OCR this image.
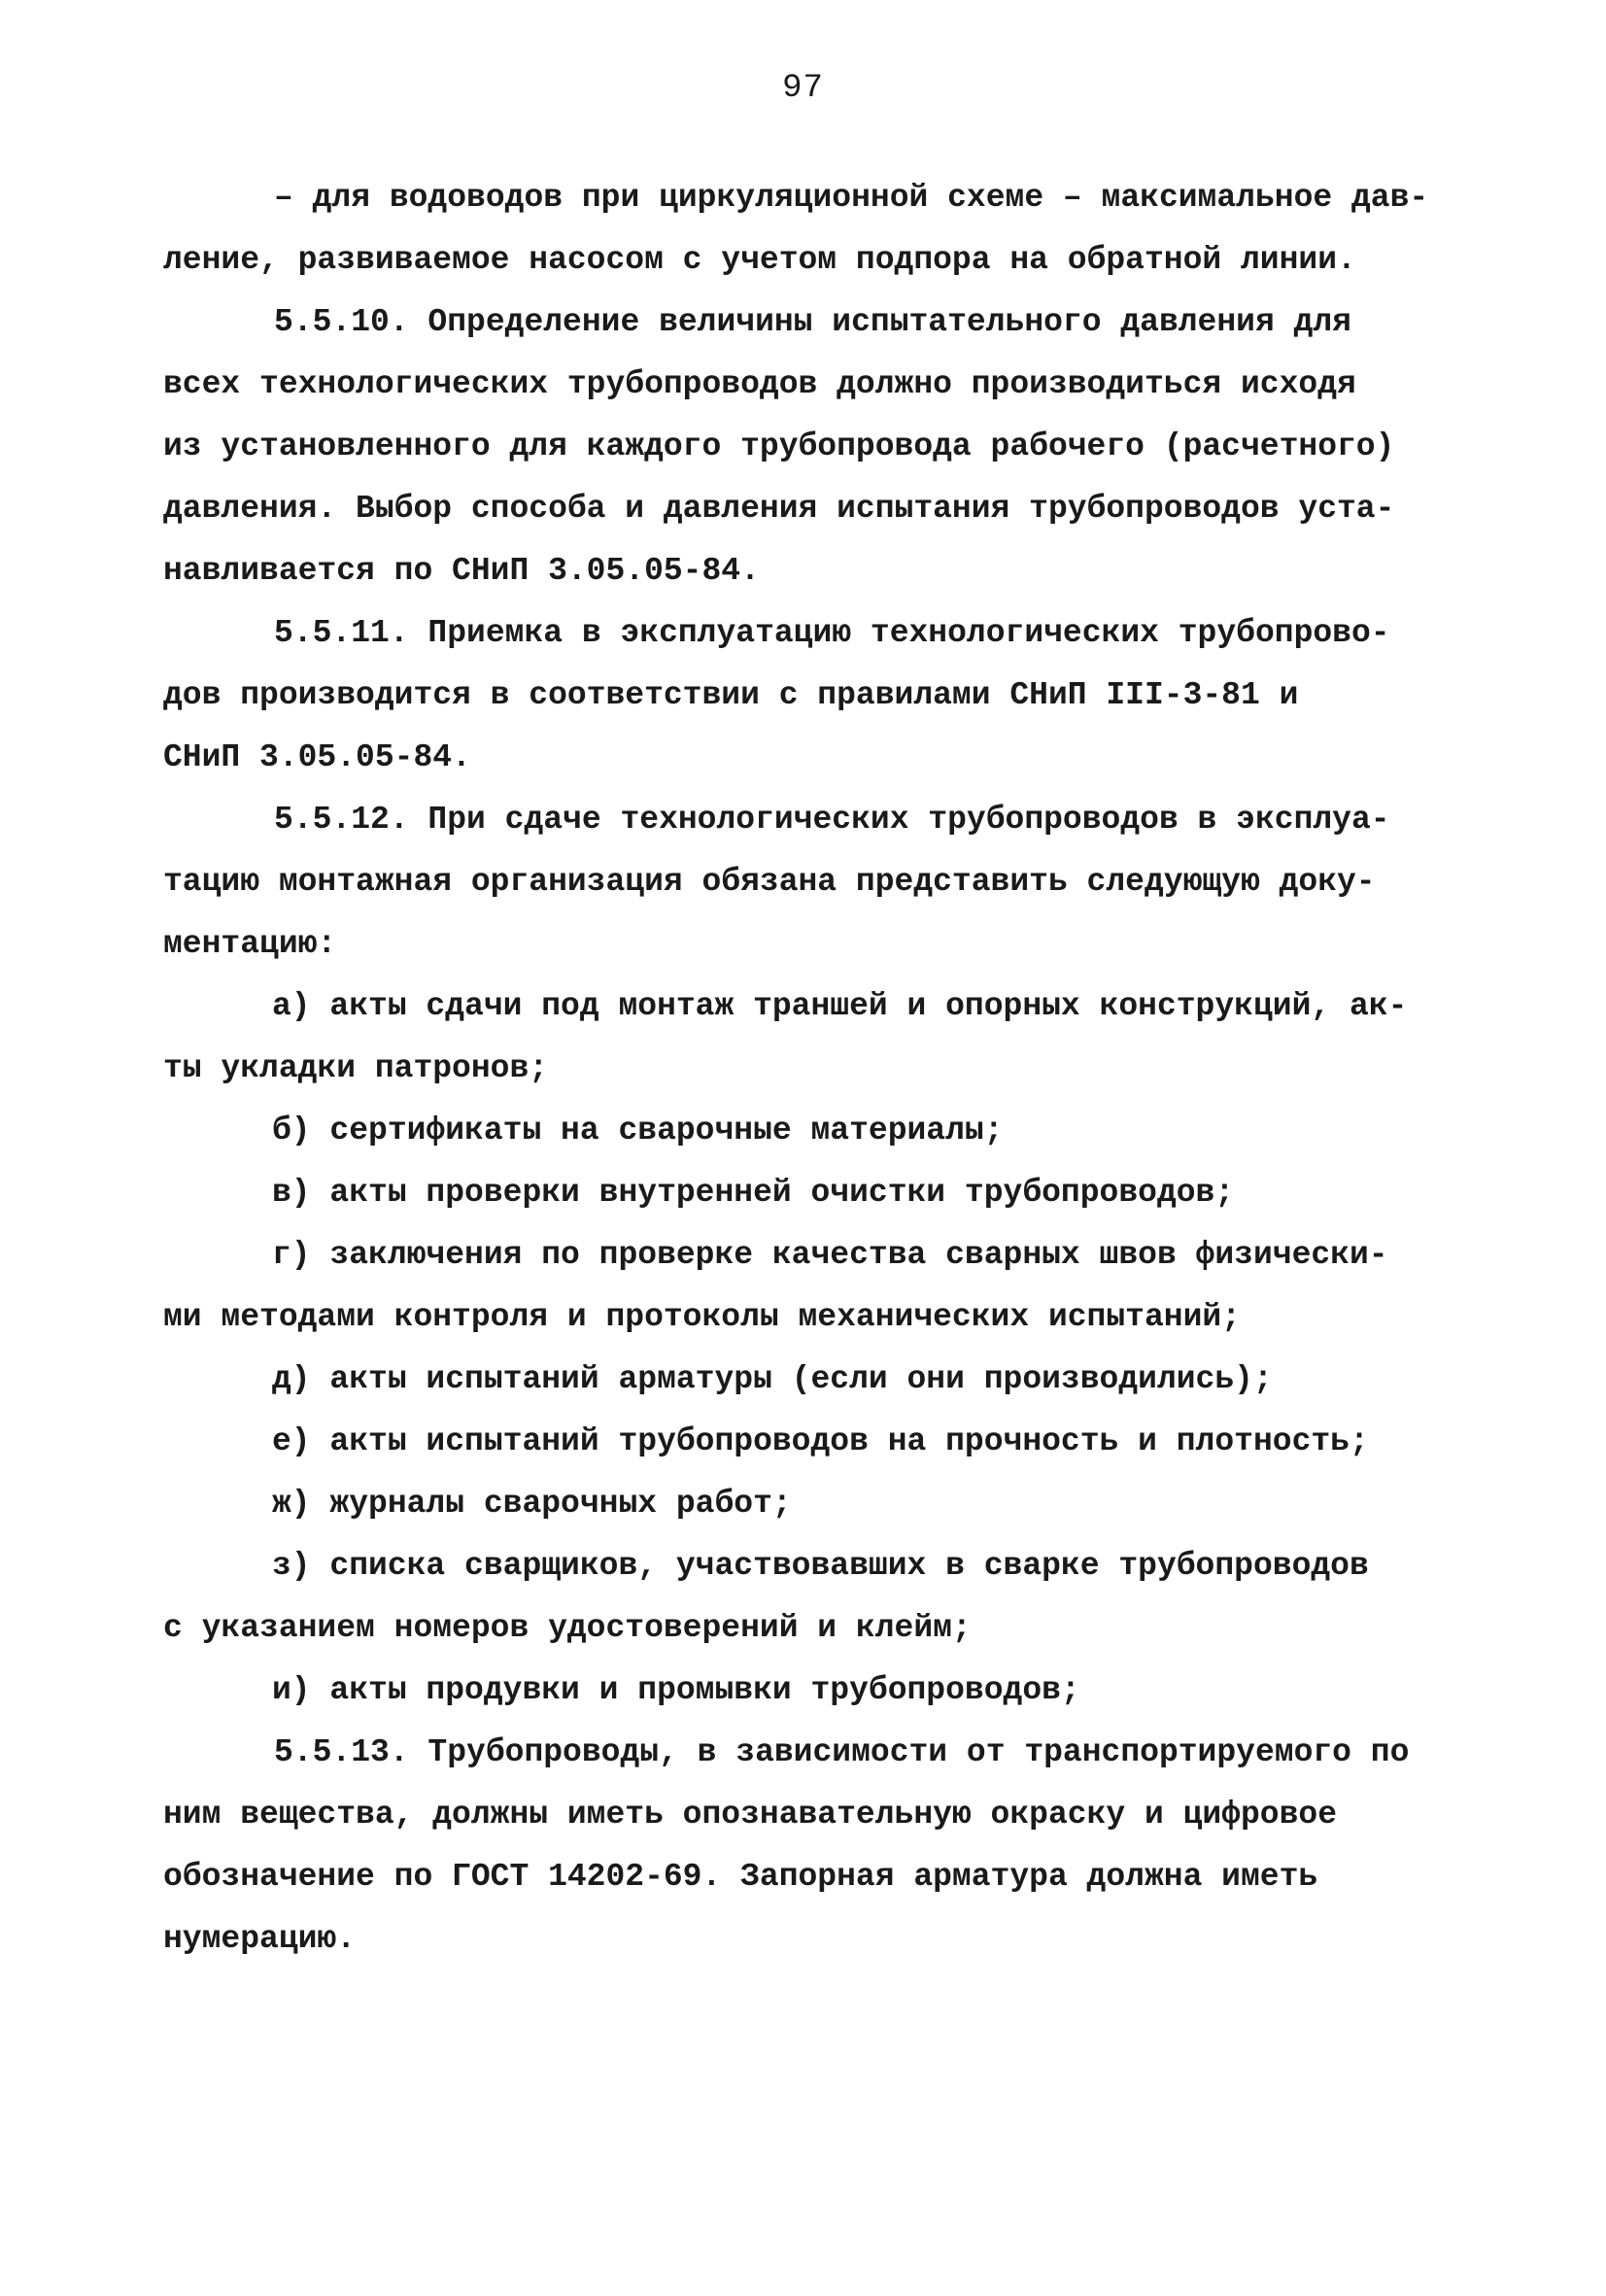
97
– для водоводов при циркуляционной схеме – максимальное дав-
ление, развиваемое насосом с учетом подпора на обратной линии.
5.5.10. Определение величины испытательного давления для
всех технологических трубопроводов должно производиться исходя
из установленного для каждого трубопровода рабочего (расчетного)
давления. Выбор способа и давления испытания трубопроводов уста-
навливается по СНиП 3.05.05-84.
5.5.11. Приемка в эксплуатацию технологических трубопрово-
дов производится в соответствии с правилами СНиП III-3-81 и
СНиП 3.05.05-84.
5.5.12. При сдаче технологических трубопроводов в эксплуа-
тацию монтажная организация обязана представить следующую доку-
ментацию:
а) акты сдачи под монтаж траншей и опорных конструкций, ак-
ты укладки патронов;
б) сертификаты на сварочные материалы;
в) акты проверки внутренней очистки трубопроводов;
г) заключения по проверке качества сварных швов физически-
ми методами контроля и протоколы механических испытаний;
д) акты испытаний арматуры (если они производились);
е) акты испытаний трубопроводов на прочность и плотность;
ж) журналы сварочных работ;
з) списка сварщиков, участвовавших в сварке трубопроводов
с указанием номеров удостоверений и клейм;
и) акты продувки и промывки трубопроводов;
5.5.13. Трубопроводы, в зависимости от транспортируемого по
ним вещества, должны иметь опознавательную окраску и цифровое
обозначение по ГОСТ 14202-69. Запорная арматура должна иметь
нумерацию.
